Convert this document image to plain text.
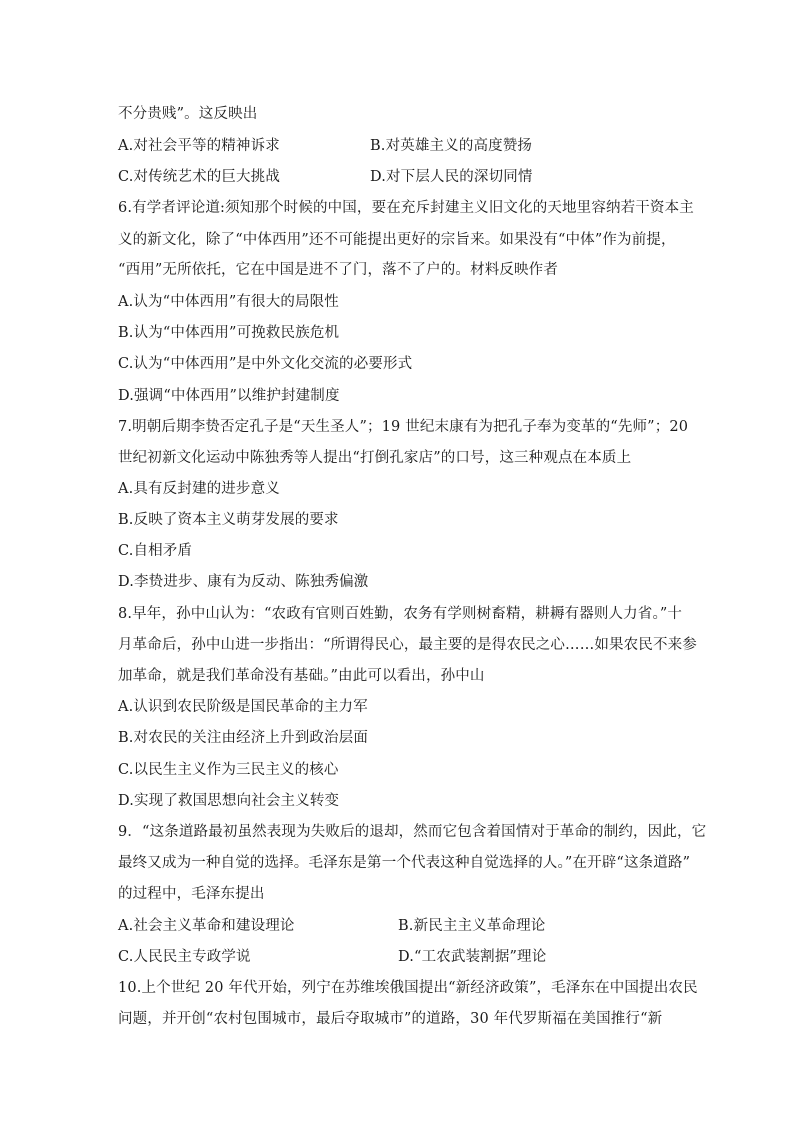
不分贵贱”。这反映出
A.对社会平等的精神诉求	B.对英雄主义的高度赞扬
C.对传统艺术的巨大挑战	D.对下层人民的深切同情
6.有学者评论道:须知那个时候的中国，要在充斥封建主义旧文化的天地里容纳若干资本主
义的新文化，除了“中体西用”还不可能提出更好的宗旨来。如果没有“中体”作为前提，
“西用”无所依托，它在中国是进不了门，落不了户的。材料反映作者
A.认为“中体西用”有很大的局限性
B.认为“中体西用”可挽救民族危机
C.认为“中体西用”是中外文化交流的必要形式
D.强调“中体西用”以维护封建制度
7.明朝后期李贽否定孔子是“天生圣人”；19 世纪末康有为把孔子奉为变革的“先师”；20
世纪初新文化运动中陈独秀等人提出“打倒孔家店”的口号，这三种观点在本质上
A.具有反封建的进步意义
B.反映了资本主义萌芽发展的要求
C.自相矛盾
D.李贽进步、康有为反动、陈独秀偏激
8.早年，孙中山认为：“农政有官则百姓勤，农务有学则树畜精，耕耨有器则人力省。”十
月革命后，孙中山进一步指出：“所谓得民心，最主要的是得农民之心……如果农民不来参
加革命，就是我们革命没有基础。”由此可以看出，孙中山
A.认识到农民阶级是国民革命的主力军
B.对农民的关注由经济上升到政治层面
C.以民生主义作为三民主义的核心
D.实现了救国思想向社会主义转变
9．“这条道路最初虽然表现为失败后的退却，然而它包含着国情对于革命的制约，因此，它
最终又成为一种自觉的选择。毛泽东是第一个代表这种自觉选择的人。”在开辟“这条道路”
的过程中，毛泽东提出
A.社会主义革命和建设理论	B.新民主主义革命理论
C.人民民主专政学说	D.“工农武装割据”理论
10.上个世纪 20 年代开始，列宁在苏维埃俄国提出“新经济政策”，毛泽东在中国提出农民
问题，并开创“农村包围城市，最后夺取城市”的道路，30 年代罗斯福在美国推行“新
